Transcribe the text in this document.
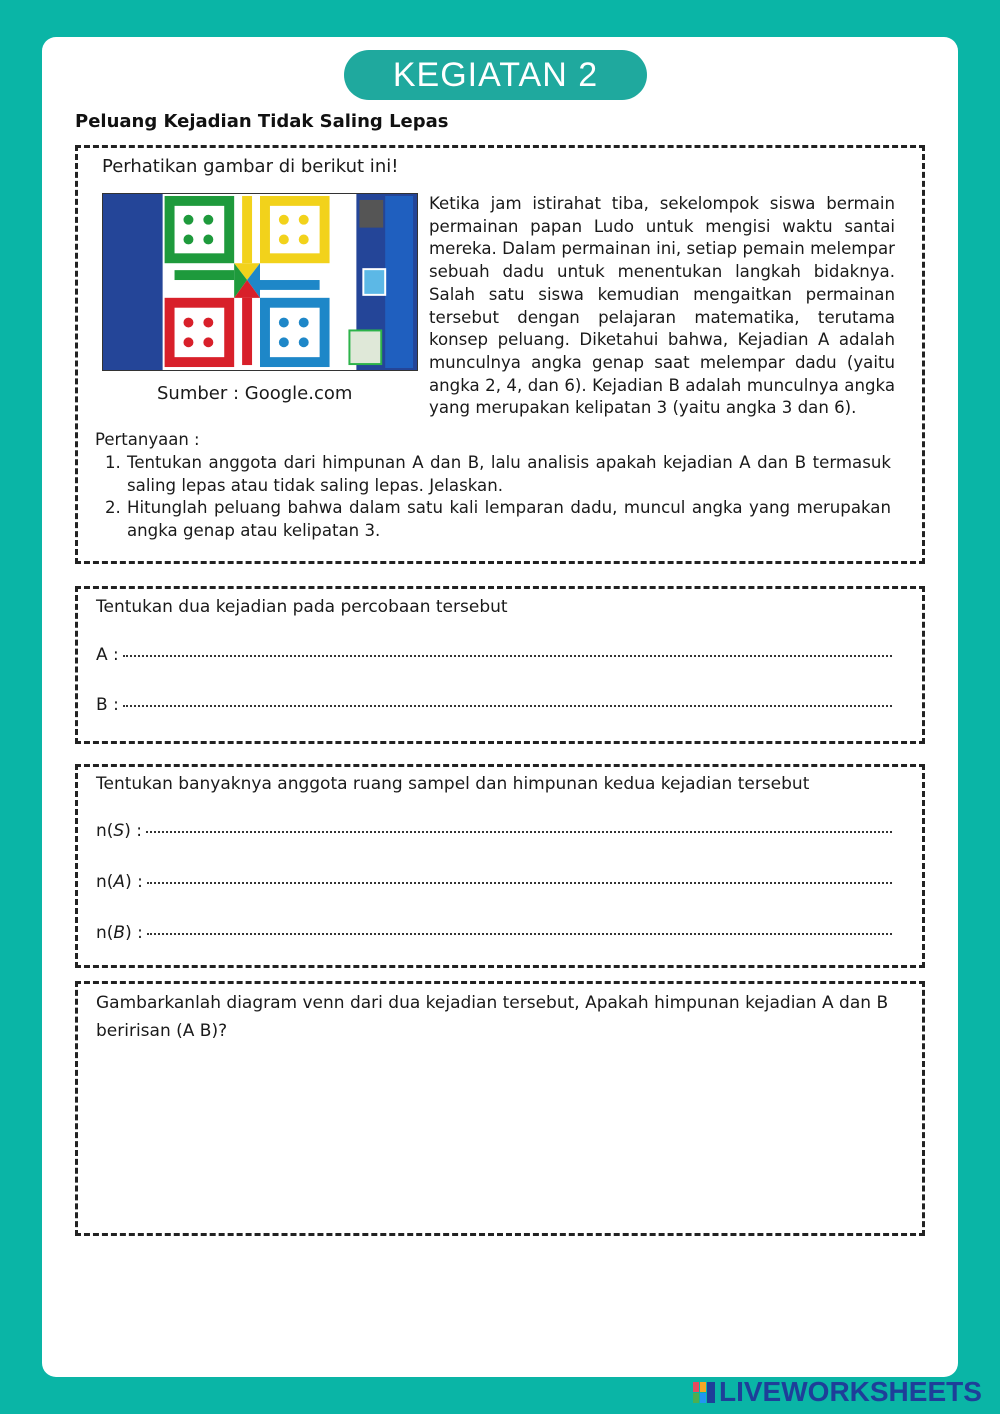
KEGIATAN 2
Peluang Kejadian Tidak Saling Lepas
Perhatikan gambar di berikut ini!
Sumber : Google.com
Ketika jam istirahat tiba, sekelompok siswa bermain permainan papan Ludo untuk mengisi waktu santai mereka. Dalam permainan ini, setiap pemain melempar sebuah dadu untuk menentukan langkah bidaknya. Salah satu siswa kemudian mengaitkan permainan tersebut dengan pelajaran matematika, terutama konsep peluang. Diketahui bahwa, Kejadian A adalah munculnya angka genap saat melempar dadu (yaitu angka 2, 4, dan 6). Kejadian B adalah munculnya angka yang merupakan kelipatan 3 (yaitu angka 3 dan 6).
Pertanyaan :
1. Tentukan anggota dari himpunan A dan B, lalu analisis apakah kejadian A dan B termasuk saling lepas atau tidak saling lepas. Jelaskan.
2. Hitunglah peluang bahwa dalam satu kali lemparan dadu, muncul angka yang merupakan angka genap atau kelipatan 3.
Tentukan dua kejadian pada percobaan tersebut
A :
B :
Tentukan banyaknya anggota ruang sampel dan himpunan kedua kejadian tersebut
n(S) :
n(A) :
n(B) :
Gambarkanlah diagram venn dari dua kejadian tersebut, Apakah himpunan kejadian A dan B beririsan (A B)?
LIVEWORKSHEETS
